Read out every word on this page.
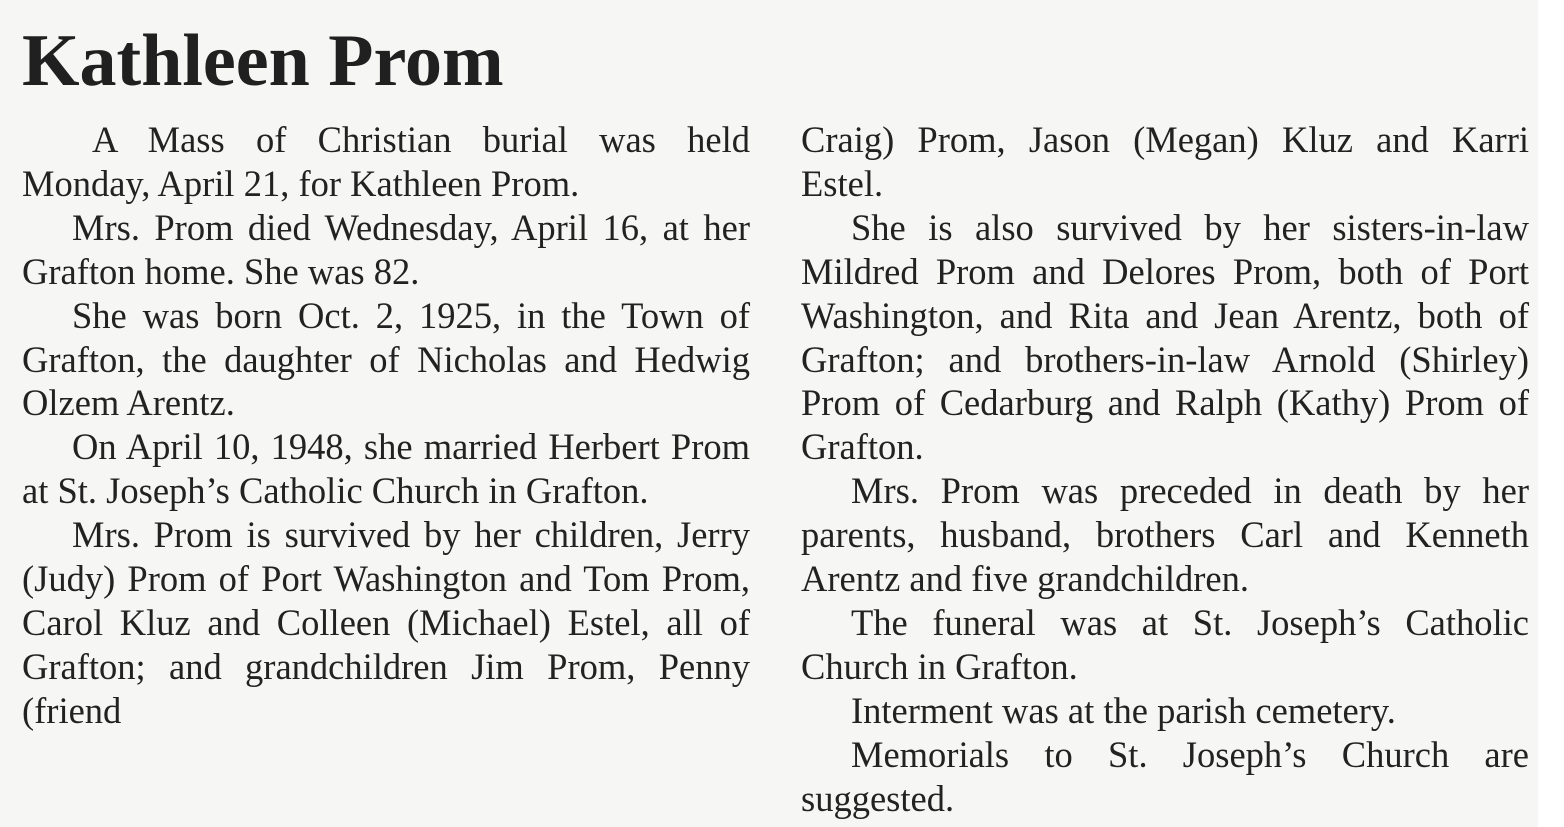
Kathleen Prom

A Mass of Christian burial was held Monday, April 21, for Kathleen Prom.

Mrs. Prom died Wednesday, April 16, at her Grafton home. She was 82.

She was born Oct. 2, 1925, in the Town of Grafton, the daughter of Nicholas and Hedwig Olzem Arentz.

On April 10, 1948, she married Herbert Prom at St. Joseph’s Catholic Church in Grafton.

Mrs. Prom is survived by her children, Jerry (Judy) Prom of Port Washington and Tom Prom, Carol Kluz and Colleen (Michael) Estel, all of Grafton; and grandchildren Jim Prom, Penny (friend

Craig) Prom, Jason (Megan) Kluz and Karri Estel.

She is also survived by her sisters-in-law Mildred Prom and Delores Prom, both of Port Washington, and Rita and Jean Arentz, both of Grafton; and brothers-in-law Arnold (Shirley) Prom of Cedarburg and Ralph (Kathy) Prom of Grafton.

Mrs. Prom was preceded in death by her parents, husband, brothers Carl and Kenneth Arentz and five grandchildren.

The funeral was at St. Joseph’s Catholic Church in Grafton.

Interment was at the parish cemetery.

Memorials to St. Joseph’s Church are suggested.
